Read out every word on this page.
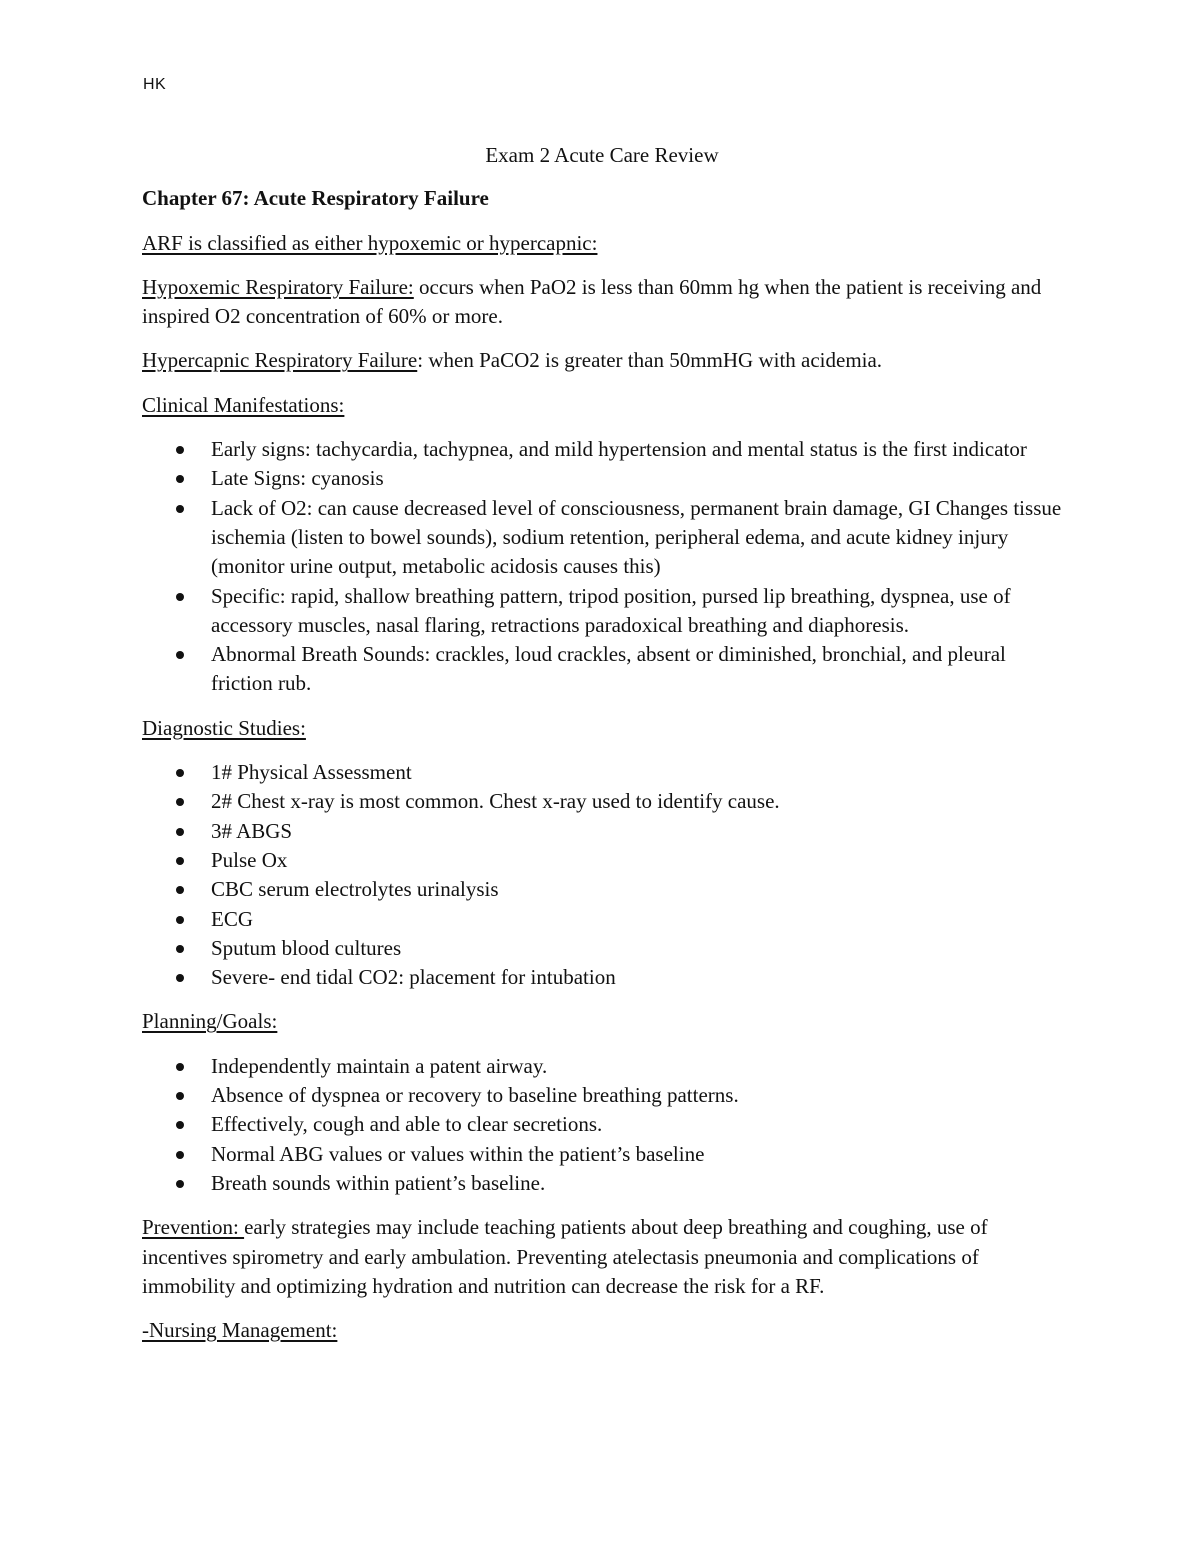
HK
Exam 2 Acute Care Review
Chapter 67: Acute Respiratory Failure

ARF is classified as either hypoxemic or hypercapnic:

Hypoxemic Respiratory Failure: occurs when PaO2 is less than 60mm hg when the patient is receiving and inspired O2 concentration of 60% or more.

Hypercapnic Respiratory Failure: when PaCO2 is greater than 50mmHG with acidemia.

Clinical Manifestations:

Early signs: tachycardia, tachypnea, and mild hypertension and mental status is the first indicator
Late Signs: cyanosis
Lack of O2: can cause decreased level of consciousness, permanent brain damage, GI Changes tissue ischemia (listen to bowel sounds), sodium retention, peripheral edema, and acute kidney injury (monitor urine output, metabolic acidosis causes this)
Specific: rapid, shallow breathing pattern, tripod position, pursed lip breathing, dyspnea, use of accessory muscles, nasal flaring, retractions paradoxical breathing and diaphoresis.
Abnormal Breath Sounds: crackles, loud crackles, absent or diminished, bronchial, and pleural friction rub.

Diagnostic Studies:

1# Physical Assessment
2# Chest x-ray is most common. Chest x-ray used to identify cause.
3# ABGS
Pulse Ox
CBC serum electrolytes urinalysis
ECG
Sputum blood cultures
Severe- end tidal CO2: placement for intubation

Planning/Goals:

Independently maintain a patent airway.
Absence of dyspnea or recovery to baseline breathing patterns.
Effectively, cough and able to clear secretions.
Normal ABG values or values within the patient’s baseline
Breath sounds within patient’s baseline.

Prevention: early strategies may include teaching patients about deep breathing and coughing, use of incentives spirometry and early ambulation. Preventing atelectasis pneumonia and complications of immobility and optimizing hydration and nutrition can decrease the risk for a RF.

-Nursing Management:
